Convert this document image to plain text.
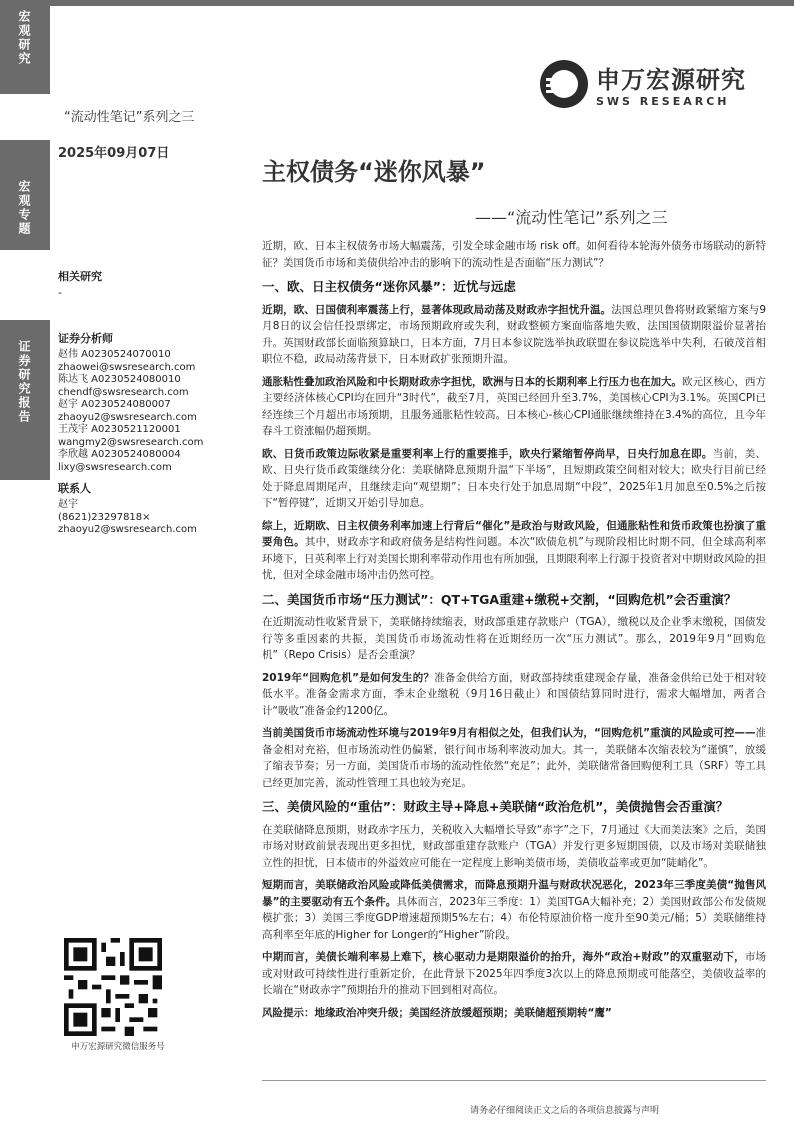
宏观研究
宏观专题
证券研究报告
“流动性笔记”系列之三
2025年09月07日
申万宏源研究
SWS RESEARCH
主权债务“迷你风暴”
——“流动性笔记”系列之三
相关研究
-
证券分析师

赵伟 A0230524070010

zhaowei@swsresearch.com

陈达飞 A0230524080010

chendf@swsresearch.com

赵宇 A0230524080007

zhaoyu2@swsresearch.com

王茂宇 A0230521120001

wangmy2@swsresearch.com

李欣越 A0230524080004

lixy@swsresearch.com

联系人

赵宇

(8621)23297818×

zhaoyu2@swsresearch.com

申万宏源研究微信服务号

近期，欧、日本主权债务市场大幅震荡，引发全球金融市场 risk off。如何看待本轮海外债务市场联动的新特征？美国货币市场和美债供给冲击的影响下的流动性是否面临“压力测试”？

一、欧、日主权债务“迷你风暴”：近忧与远虑

近期，欧、日国债利率震荡上行，显著体现政局动荡及财政赤字担忧升温。法国总理贝鲁将财政紧缩方案与9月8日的议会信任投票绑定，市场预期政府或失利，财政整顿方案面临落地失败，法国国债期限溢价显著抬升。英国财政部长面临预算缺口，日本方面，7月日本参议院选举执政联盟在参议院选举中失利，石破茂首相职位不稳，政局动荡背景下，日本财政扩张预期升温。

通胀粘性叠加政治风险和中长期财政赤字担忧，欧洲与日本的长期利率上行压力也在加大。欧元区核心，西方主要经济体核心CPI均在回升“3时代”，截至7月，英国已经回升至3.7%，美国核心CPI为3.1%。英国CPI已经连续三个月超出市场预期，且服务通胀粘性较高。日本核心-核心CPI通胀继续维持在3.4%的高位，且今年春斗工资涨幅仍超预期。

欧、日货币政策边际收紧是重要利率上行的重要推手，欧央行紧缩暂停尚早，日央行加息在即。当前，美、欧、日央行货币政策继续分化：美联储降息预期升温“下半场”，且短期政策空间相对较大；欧央行目前已经处于降息周期尾声，且继续走向“观望期”；日本央行处于加息周期“中段”，2025年1月加息至0.5%之后按下“暂停键”，近期又开始引导加息。

综上，近期欧、日主权债务利率加速上行背后“催化”是政治与财政风险，但通胀粘性和货币政策也扮演了重要角色。其中，财政赤字和政府债务是结构性问题。本次“欧债危机”与现阶段相比时期不同，但全球高利率环境下，日英利率上行对美国长期利率带动作用也有所加强，且期限利率上行源于投资者对中期财政风险的担忧，但对全球金融市场冲击仍然可控。

二、美国货币市场“压力测试”：QT+TGA重建+缴税+交割，“回购危机”会否重演？

在近期流动性收紧背景下，美联储持续缩表，财政部重建存款账户（TGA），缴税以及企业季末缴税，国债发行等多重因素的共振，美国货币市场流动性将在近期经历一次“压力测试”。那么，2019年9月“回购危机”（Repo Crisis）是否会重演？

2019年“回购危机”是如何发生的？准备金供给方面，财政部持续重建现金存量，准备金供给已处于相对较低水平。准备金需求方面，季末企业缴税（9月16日截止）和国债结算同时进行，需求大幅增加，两者合计“吸收”准备金约1200亿。

当前美国货币市场流动性环境与2019年9月有相似之处，但我们认为，“回购危机”重演的风险或可控——准备金相对充裕，但市场流动性仍偏紧，银行间市场利率波动加大。其一，美联储本次缩表较为“谨慎”，放缓了缩表节奏；另一方面，美国货币市场的流动性依然“充足”；此外，美联储常备回购便利工具（SRF）等工具已经更加完善，流动性管理工具也较为充足。

三、美债风险的“重估”：财政主导+降息+美联储“政治危机”，美债抛售会否重演？

在美联储降息预期，财政赤字压力，关税收入大幅增长导致“赤字”之下，7月通过《大而美法案》之后，美国市场对财政前景表现出更多担忧，财政部重建存款账户（TGA）并发行更多短期国债，以及市场对美联储独立性的担忧，日本债市的外溢效应可能在一定程度上影响美债市场，美债收益率或更加“陡峭化”。

短期而言，美联储政治风险或降低美债需求，而降息预期升温与财政状况恶化，2023年三季度美债“抛售风暴”的主要驱动有五个条件。具体而言，2023年三季度：1）美国TGA大幅补充；2）美国财政部公布发债规模扩张；3）美国三季度GDP增速超预期5%左右；4）布伦特原油价格一度升至90美元/桶；5）美联储维持高利率至年底的Higher for Longer的“Higher”阶段。

中期而言，美债长端利率易上难下，核心驱动力是期限溢价的抬升，海外“政治+财政”的双重驱动下，市场或对财政可持续性进行重新定价，在此背景下2025年四季度3次以上的降息预期或可能落空，美债收益率的长端在“财政赤字”预期抬升的推动下回到相对高位。

风险提示：地缘政治冲突升级；美国经济放缓超预期；美联储超预期转“鹰”

请务必仔细阅读正文之后的各项信息披露与声明
